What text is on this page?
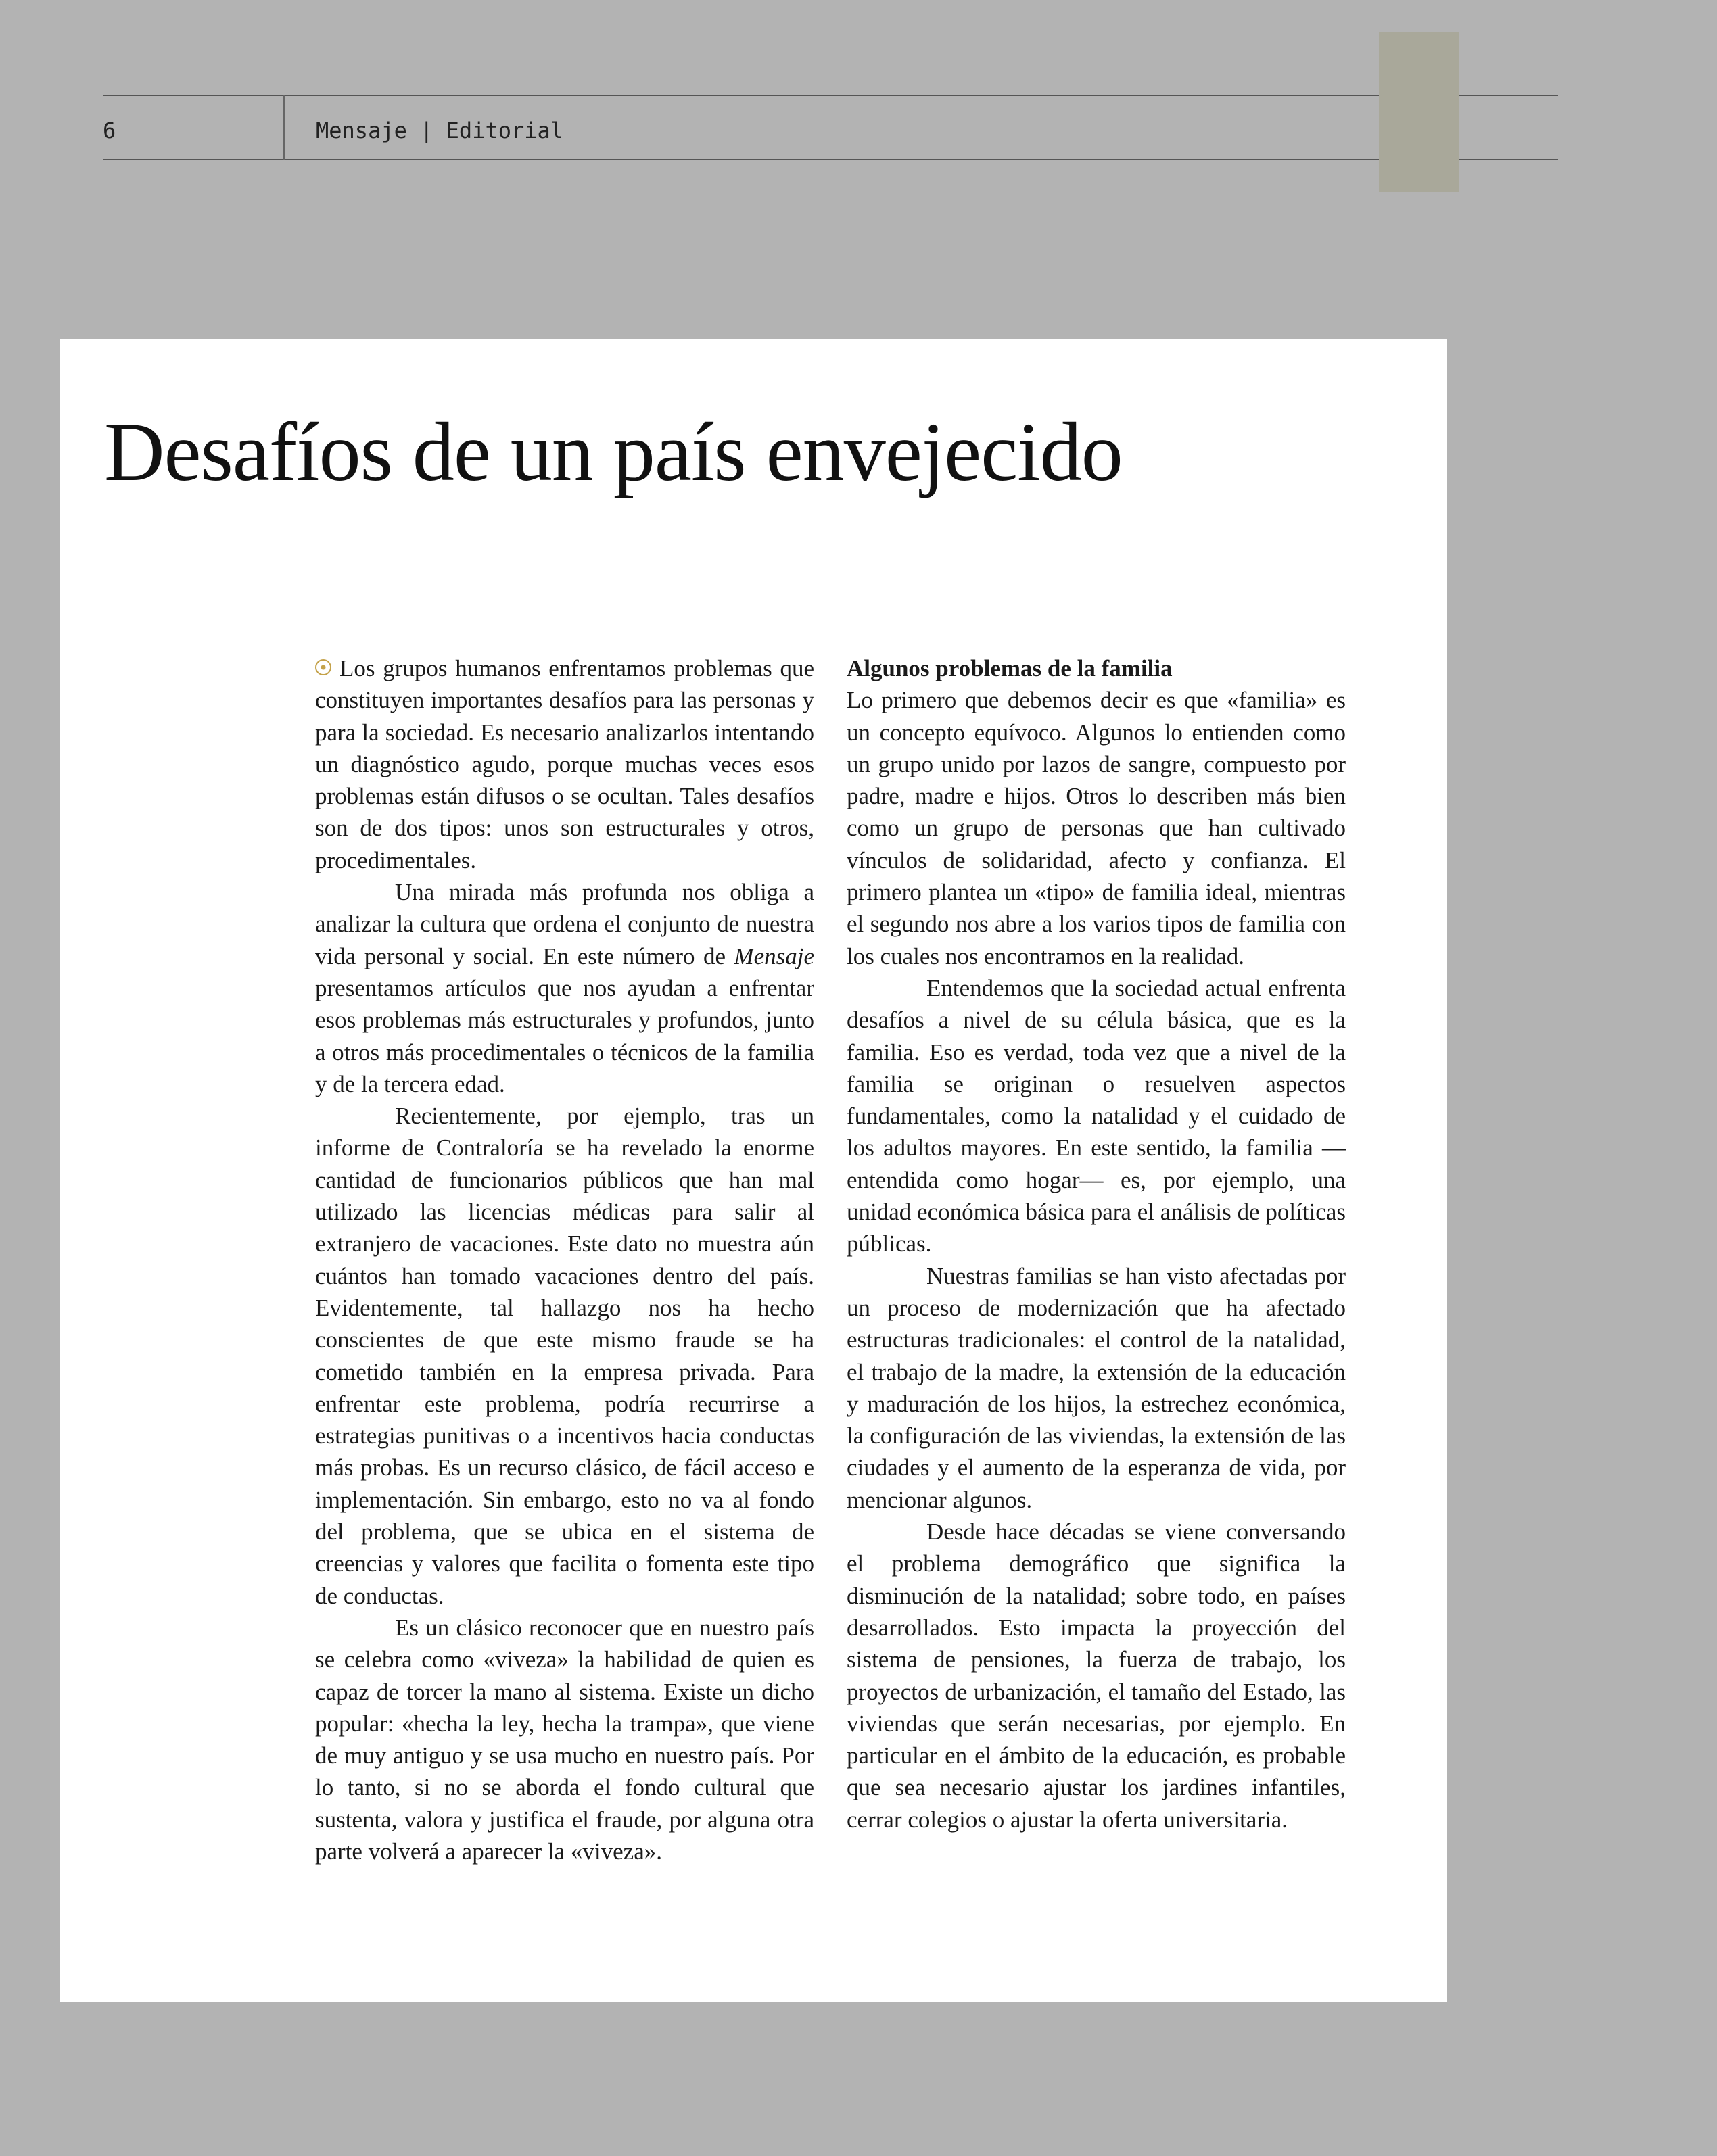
6	Mensaje | Editorial
Desafíos de un país envejecido

Los grupos humanos enfrentamos problemas que constituyen importantes desafíos para las personas y para la sociedad. Es necesario analizarlos intentando un diagnóstico agudo, porque muchas veces esos problemas están difusos o se ocultan. Tales desafíos son de dos tipos: unos son estructurales y otros, procedimentales.

Una mirada más profunda nos obliga a analizar la cultura que ordena el conjunto de nuestra vida personal y social. En este número de Mensaje presentamos artículos que nos ayudan a enfrentar esos problemas más estructurales y profundos, junto a otros más procedimentales o técnicos de la familia y de la tercera edad.

Recientemente, por ejemplo, tras un informe de Contraloría se ha revelado la enorme cantidad de funcionarios públicos que han mal utilizado las licencias médicas para salir al extranjero de vacaciones. Este dato no muestra aún cuántos han tomado vacaciones dentro del país. Evidentemente, tal hallazgo nos ha hecho conscientes de que este mismo fraude se ha cometido también en la empresa privada. Para enfrentar este problema, podría recurrirse a estrategias punitivas o a incentivos hacia conductas más probas. Es un recurso clásico, de fácil acceso e implementación. Sin embargo, esto no va al fondo del problema, que se ubica en el sistema de creencias y valores que facilita o fomenta este tipo de conductas.

Es un clásico reconocer que en nuestro país se celebra como «viveza» la habilidad de quien es capaz de torcer la mano al sistema. Existe un dicho popular: «hecha la ley, hecha la trampa», que viene de muy antiguo y se usa mucho en nuestro país. Por lo tanto, si no se aborda el fondo cultural que sustenta, valora y justifica el fraude, por alguna otra parte volverá a aparecer la «viveza».

Algunos problemas de la familia

Lo primero que debemos decir es que «familia» es un concepto equívoco. Algunos lo entienden como un grupo unido por lazos de sangre, compuesto por padre, madre e hijos. Otros lo describen más bien como un grupo de personas que han cultivado vínculos de solidaridad, afecto y confianza. El primero plantea un «tipo» de familia ideal, mientras el segundo nos abre a los varios tipos de familia con los cuales nos encontramos en la realidad.

Entendemos que la sociedad actual enfrenta desafíos a nivel de su célula básica, que es la familia. Eso es verdad, toda vez que a nivel de la familia se originan o resuelven aspectos fundamentales, como la natalidad y el cuidado de los adultos mayores. En este sentido, la familia —entendida como hogar— es, por ejemplo, una unidad económica básica para el análisis de políticas públicas.

Nuestras familias se han visto afectadas por un proceso de modernización que ha afectado estructuras tradicionales: el control de la natalidad, el trabajo de la madre, la extensión de la educación y maduración de los hijos, la estrechez económica, la configuración de las viviendas, la extensión de las ciudades y el aumento de la esperanza de vida, por mencionar algunos.

Desde hace décadas se viene conversando el problema demográfico que significa la disminución de la natalidad; sobre todo, en países desarrollados. Esto impacta la proyección del sistema de pensiones, la fuerza de trabajo, los proyectos de urbanización, el tamaño del Estado, las viviendas que serán necesarias, por ejemplo. En particular en el ámbito de la educación, es probable que sea necesario ajustar los jardines infantiles, cerrar colegios o ajustar la oferta universitaria.
